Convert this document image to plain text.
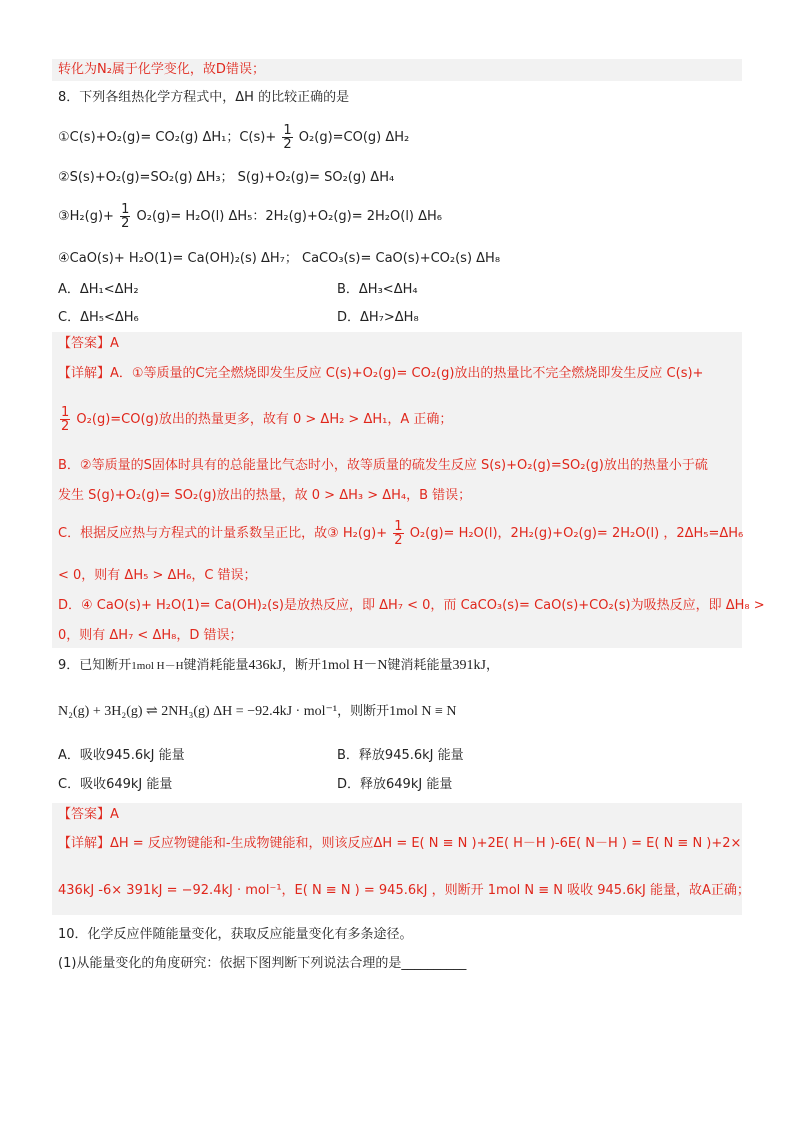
转化为N₂属于化学变化，故D错误；
8．下列各组热化学方程式中，ΔH 的比较正确的是
①C(s)+O₂(g)= CO₂(g) ΔH₁；$C(s)+ \frac{1}{2} O_2(g)=CO(g)$ ΔH₂
②S(s)+O₂(g)=SO₂(g) ΔH₃； S(g)+O₂(g)= SO₂(g) ΔH₄
③H₂(g)+ $\frac{1}{2} O_2(g)= H_2O(l)$ ΔH₅：2H₂(g)+O₂(g)= 2H₂O(l) ΔH₆
④CaO(s)+ H₂O(1)= Ca(OH)₂(s) ΔH₇； CaCO₃(s)= CaO(s)+CO₂(s) ΔH₈
A．ΔH₁<ΔH₂	B．ΔH₃<ΔH₄
C．ΔH₅<ΔH₆	D．ΔH₇>ΔH₈
【答案】A
【详解】A．①等质量的C完全燃烧即发生反应 C(s)+O₂(g)= CO₂(g)放出的热量比不完全燃烧即发生反应 C(s)+
$\frac{1}{2} O_2(g)=CO(g)$放出的热量更多，故有 0 > ΔH₂ > ΔH₁，A 正确；
B．②等质量的S固体时具有的总能量比气态时小，故等质量的硫发生反应 S(s)+O₂(g)=SO₂(g)放出的热量小于硫
发生 S(g)+O₂(g)= SO₂(g)放出的热量，故 0 > ΔH₃ > ΔH₄，B 错误；
C．根据反应热与方程式的计量系数呈正比，故③ $H_2(g)+ \frac{1}{2} O_2(g)= H_2O(l)$，2H₂(g)+O₂(g)= 2H₂O(l) ，2ΔH₅=ΔH₆
< 0，则有 ΔH₅ > ΔH₆，C 错误；
D．④ CaO(s)+ H₂O(1)= Ca(OH)₂(s)是放热反应，即 ΔH₇ < 0，而 CaCO₃(s)= CaO(s)+CO₂(s)为吸热反应，即 ΔH₈ >
0，则有 ΔH₇ < ΔH₈，D 错误；
9．已知断开1mol H－H键消耗能量436kJ，断开1mol H－N键消耗能量391kJ，
N₂(g) + 3H₂(g) ⇌ 2NH₃(g) ΔH = −92.4kJ · mol⁻¹，则断开1mol N ≡ N
A．吸收945.6kJ 能量	B．释放945.6kJ 能量
C．吸收649kJ 能量	D．释放649kJ 能量
【答案】A
【详解】ΔH = 反应物键能和-生成物键能和，则该反应ΔH = E( N ≡ N )+2E( H－H )-6E( N－H ) = E( N ≡ N )+2×
436kJ -6× 391kJ = −92.4kJ · mol⁻¹，E( N ≡ N ) = 945.6kJ ，则断开 1mol N ≡ N 吸收 945.6kJ 能量，故A正确；
10．化学反应伴随能量变化，获取反应能量变化有多条途径。
(1)从能量变化的角度研究：依据下图判断下列说法合理的是__________
